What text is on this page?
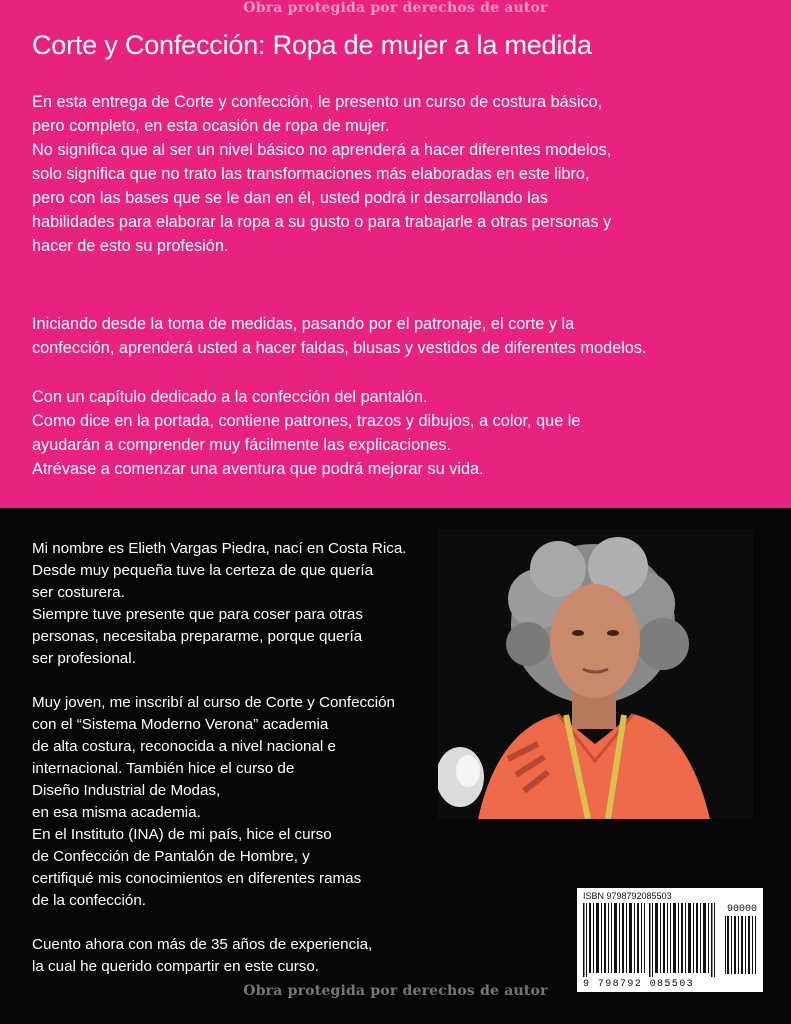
Obra protegida por derechos de autor
Corte y Confección: Ropa de mujer a la medida
En esta entrega de Corte y confección, le presento un curso de costura básico,
pero completo, en esta ocasión de ropa de mujer.
No significa que al ser un nivel básico no aprenderá a hacer diferentes modelos,
solo significa que no trato las transformaciones más elaboradas en este libro,
pero con las bases que se le dan en él, usted podrá ir desarrollando las
habilidades para elaborar la ropa a su gusto o para trabajarle a otras personas y
hacer de esto su profesión.
Iniciando desde la toma de medidas, pasando por el patronaje, el corte y la
confección, aprenderá usted a hacer faldas, blusas y vestidos de diferentes modelos.
Con un capítulo dedicado a la confección del pantalón.
Como dice en la portada, contiene patrones, trazos y dibujos, a color, que le
ayudarán a comprender muy fácilmente las explicaciones.
Atrévase a comenzar una aventura que podrá mejorar su vida.
Mi nombre es Elieth Vargas Piedra, nací en Costa Rica.
Desde muy pequeña tuve la certeza de que quería
ser costurera.
Siempre tuve presente que para coser para otras
personas, necesitaba prepararme, porque quería
ser profesional.
Muy joven, me inscribí al curso de Corte y Confección
con el “Sistema Moderno Verona” academia
de alta costura, reconocida a nivel nacional e
internacional. También hice el curso de
Diseño Industrial de Modas,
en esa misma academia.
En el Instituto (INA) de mi país, hice el curso
de Confección de Pantalón de Hombre, y
certifiqué mis conocimientos en diferentes ramas
de la confección.
Cuento ahora con más de 35 años de experiencia,
la cual he querido compartir en este curso.
ISBN 9798792085503
90000
9 798792 085503
Obra protegida por derechos de autor
